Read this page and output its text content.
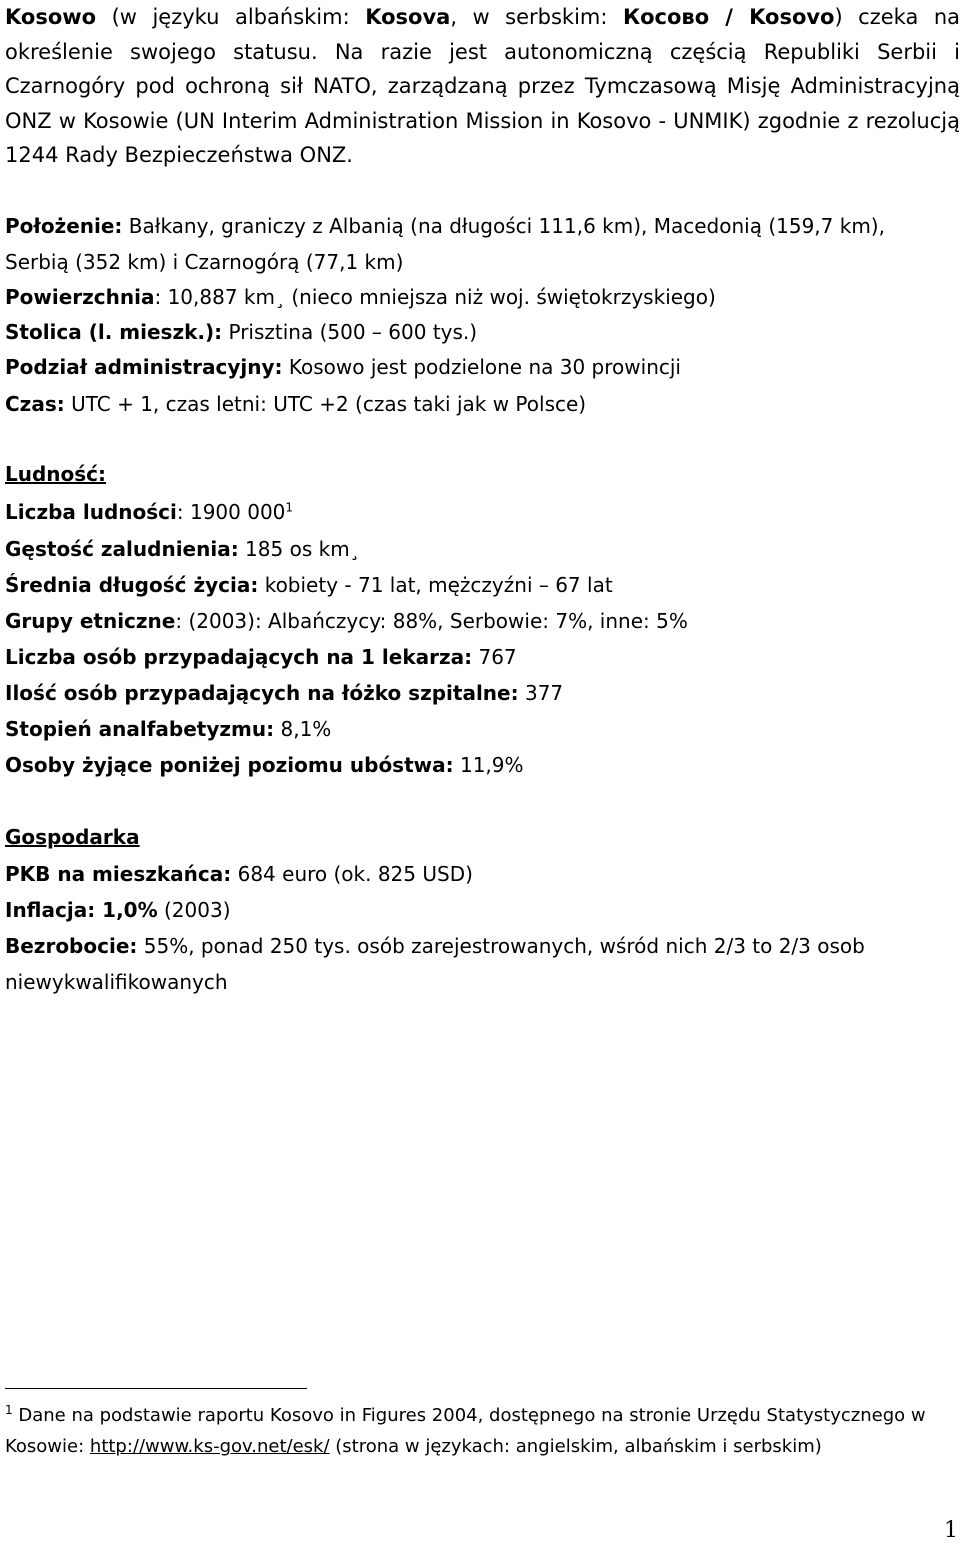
Kosowo (w języku albańskim: Kosova, w serbskim: Косово / Kosovo) czeka na określenie swojego statusu. Na razie jest autonomiczną częścią Republiki Serbii i Czarnogóry pod ochroną sił NATO, zarządzaną przez Tymczasową Misję Administracyjną ONZ w Kosowie (UN Interim Administration Mission in Kosovo - UNMIK) zgodnie z rezolucją 1244 Rady Bezpieczeństwa ONZ.

Położenie: Bałkany, graniczy z Albanią (na długości 111,6 km), Macedonią (159,7 km), Serbią (352 km) i Czarnogórą (77,1 km)

Powierzchnia: 10,887 km¸ (nieco mniejsza niż woj. świętokrzyskiego)

Stolica (l. mieszk.): Prisztina (500 – 600 tys.)

Podział administracyjny: Kosowo jest podzielone na 30 prowincji

Czas: UTC + 1, czas letni: UTC +2 (czas taki jak w Polsce)

Ludność:

Liczba ludności: 1900 $000^1$

Gęstość zaludnienia: 185 os km¸

Średnia długość życia: kobiety - 71 lat, mężczyźni – 67 lat

Grupy etniczne: (2003): Albańczycy: 88%, Serbowie: 7%, inne: 5%

Liczba osób przypadających na 1 lekarza: 767

Ilość osób przypadających na łóżko szpitalne: 377

Stopień analfabetyzmu: 8,1%

Osoby żyjące poniżej poziomu ubóstwa: 11,9%

Gospodarka

PKB na mieszkańca: 684 euro (ok. 825 USD)

Inflacja: 1,0% (2003)

Bezrobocie: 55%, ponad 250 tys. osób zarejestrowanych, wśród nich 2/3 to 2/3 osob niewykwalifikowanych

$^1$ Dane na podstawie raportu Kosovo in Figures 2004, dostępnego na stronie Urzędu Statystycznego w Kosowie: http://www.ks-gov.net/esk/ (strona w językach: angielskim, albańskim i serbskim)

1
